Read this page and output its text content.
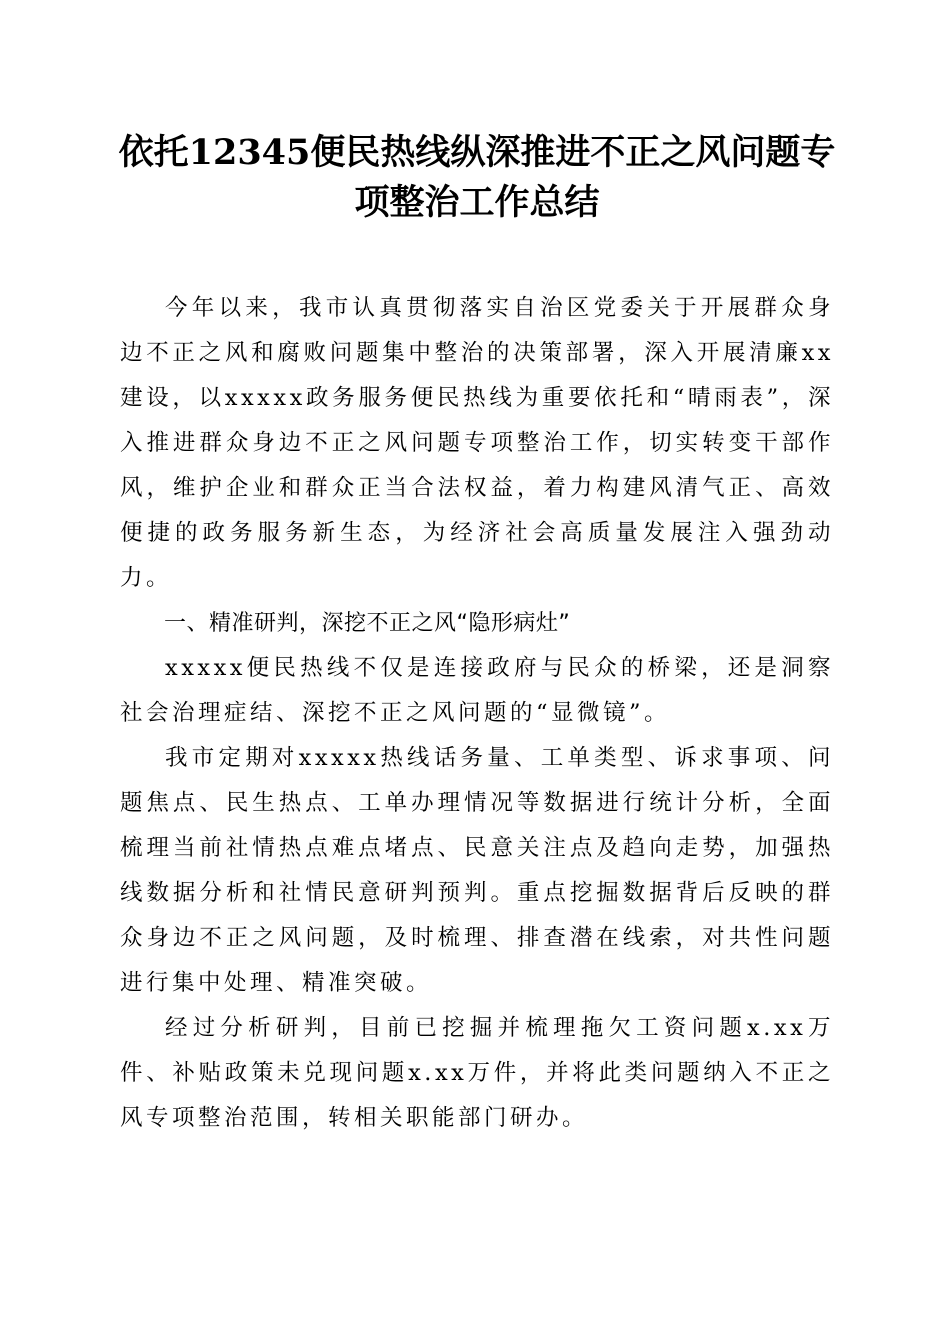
依托12345便民热线纵深推进不正之风问题专项整治工作总结

今年以来，我市认真贯彻落实自治区党委关于开展群众身边不正之风和腐败问题集中整治的决策部署，深入开展清廉xx建设，以xxxxx政务服务便民热线为重要依托和“晴雨表”，深入推进群众身边不正之风问题专项整治工作，切实转变干部作风，维护企业和群众正当合法权益，着力构建风清气正、高效便捷的政务服务新生态，为经济社会高质量发展注入强劲动力。

一、精准研判，深挖不正之风“隐形病灶”

xxxxx便民热线不仅是连接政府与民众的桥梁，还是洞察社会治理症结、深挖不正之风问题的“显微镜”。

我市定期对xxxxx热线话务量、工单类型、诉求事项、问题焦点、民生热点、工单办理情况等数据进行统计分析，全面梳理当前社情热点难点堵点、民意关注点及趋向走势，加强热线数据分析和社情民意研判预判。重点挖掘数据背后反映的群众身边不正之风问题，及时梳理、排查潜在线索，对共性问题进行集中处理、精准突破。

经过分析研判，目前已挖掘并梳理拖欠工资问题x.xx万件、补贴政策未兑现问题x.xx万件，并将此类问题纳入不正之风专项整治范围，转相关职能部门研办。
